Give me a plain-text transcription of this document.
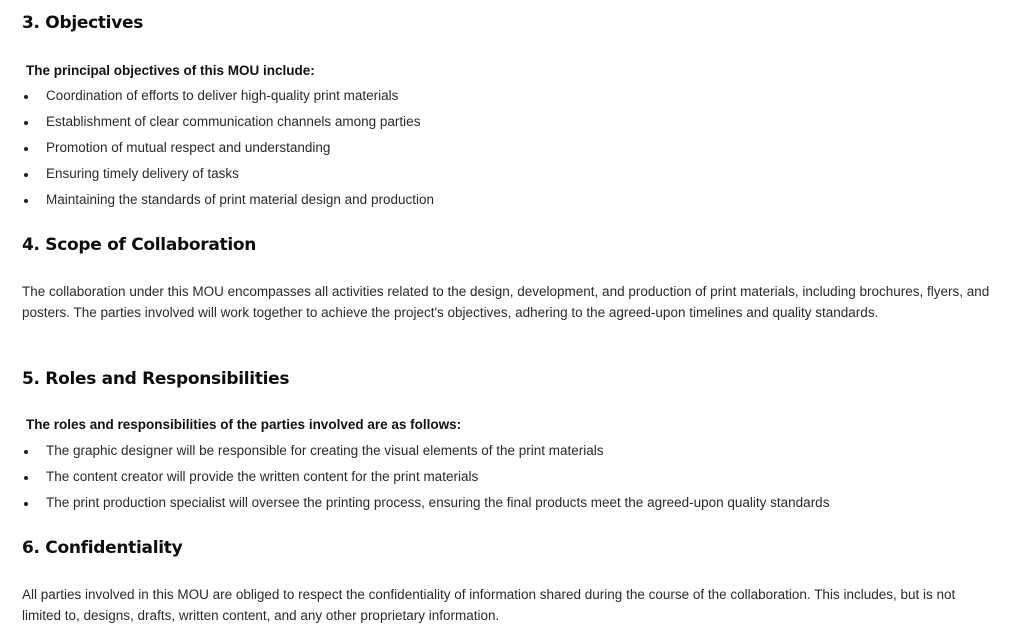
3. Objectives

The principal objectives of this MOU include:

Coordination of efforts to deliver high-quality print materials
Establishment of clear communication channels among parties
Promotion of mutual respect and understanding
Ensuring timely delivery of tasks
Maintaining the standards of print material design and production
4. Scope of Collaboration

The collaboration under this MOU encompasses all activities related to the design, development, and production of print materials, including brochures, flyers, and posters. The parties involved will work together to achieve the project's objectives, adhering to the agreed-upon timelines and quality standards.

5. Roles and Responsibilities

The roles and responsibilities of the parties involved are as follows:

The graphic designer will be responsible for creating the visual elements of the print materials
The content creator will provide the written content for the print materials
The print production specialist will oversee the printing process, ensuring the final products meet the agreed-upon quality standards
6. Confidentiality

All parties involved in this MOU are obliged to respect the confidentiality of information shared during the course of the collaboration. This includes, but is not limited to, designs, drafts, written content, and any other proprietary information.
